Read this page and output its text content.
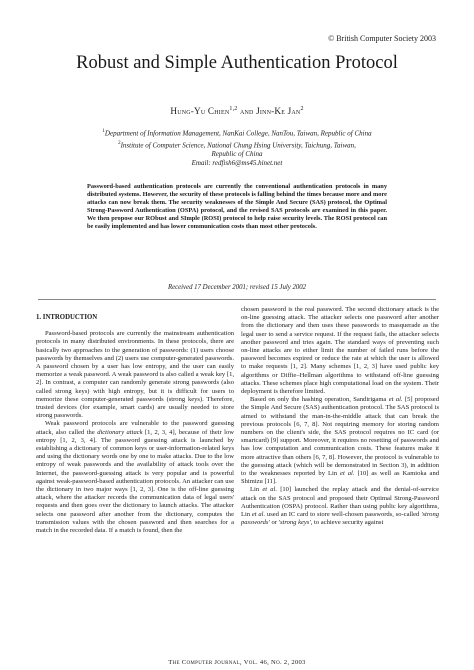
© British Computer Society 2003
Robust and Simple Authentication Protocol
Hung-Yu Chien$^{1,2}$ and Jinn-Ke Jan$^2$
$^1$Department of Information Management, NanKai College, NanTou, Taiwan, Republic of China
$^2$Institute of Computer Science, National Chung Hsing University, Taichung, Taiwan,
Republic of China
Email: redfish6@ms45.hinet.net

Password-based authentication protocols are currently the conventional authentication protocols in many distributed systems. However, the security of these protocols is falling behind the times because more and more attacks can now break them. The security weaknesses of the Simple And Secure (SAS) protocol, the Optimal Strong-Password Authentication (OSPA) protocol, and the revised SAS protocols are examined in this paper. We then propose our RObust and SImple (ROSI) protocol to help raise security levels. The ROSI protocol can be easily implemented and has lower communication costs than most other protocols.

Received 17 December 2001; revised 15 July 2002
1. INTRODUCTION

Password-based protocols are currently the mainstream authentication protocols in many distributed environments. In these protocols, there are basically two approaches to the generation of passwords: (1) users choose passwords by themselves and (2) users use computer-generated passwords. A password chosen by a user has low entropy, and the user can easily memorize a weak password. A weak password is also called a weak key [1, 2]. In contrast, a computer can randomly generate strong passwords (also called strong keys) with high entropy, but it is difficult for users to memorize these computer-generated passwords (strong keys). Therefore, trusted devices (for example, smart cards) are usually needed to store strong passwords.

Weak password protocols are vulnerable to the password guessing attack, also called the dictionary attack [1, 2, 3, 4], because of their low entropy [1, 2, 3, 4]. The password guessing attack is launched by establishing a dictionary of common keys or user-information-related keys and using the dictionary words one by one to make attacks. Due to the low entropy of weak passwords and the availability of attack tools over the Internet, the password-guessing attack is very popular and is powerful against weak-password-based authentication protocols. An attacker can use the dictionary in two major ways [1, 2, 3]. One is the off-line guessing attack, where the attacker records the communication data of legal users' requests and then goes over the dictionary to launch attacks. The attacker selects one password after another from the dictionary, computes the transmission values with the chosen password and then searches for a match in the recorded data. If a match is found, then the

chosen password is the real password. The second dictionary attack is the on-line guessing attack. The attacker selects one password after another from the dictionary and then uses these passwords to masquerade as the legal user to send a service request. If the request fails, the attacker selects another password and tries again. The standard ways of preventing such on-line attacks are to either limit the number of failed runs before the password becomes expired or reduce the rate at which the user is allowed to make requests [1, 2]. Many schemes [1, 2, 3] have used public key algorithms or Diffie–Hellman algorithms to withstand off-line guessing attacks. These schemes place high computational load on the system. Their deployment is therefore limited.

Based on only the hashing operation, Sandirigama et al. [5] proposed the Simple And Secure (SAS) authentication protocol. The SAS protocol is aimed to withstand the man-in-the-middle attack that can break the previous protocols [6, 7, 8]. Not requiring memory for storing random numbers on the client's side, the SAS protocol requires no IC card (or smartcard) [9] support. Moreover, it requires no resetting of passwords and has low computation and communication costs. These features make it more attractive than others [6, 7, 8]. However, the protocol is vulnerable to the guessing attack (which will be demonstrated in Section 3), in addition to the weaknesses reported by Lin et al. [10] as well as Kamioka and Shimizu [11].

Lin et al. [10] launched the replay attack and the denial-of-service attack on the SAS protocol and proposed their Optimal Strong-Password Authentication (OSPA) protocol. Rather than using public key algorithms, Lin et al. used an IC card to store well-chosen passwords, so-called 'strong passwords' or 'strong keys', to achieve security against

The Computer Journal, Vol. 46, No. 2, 2003
